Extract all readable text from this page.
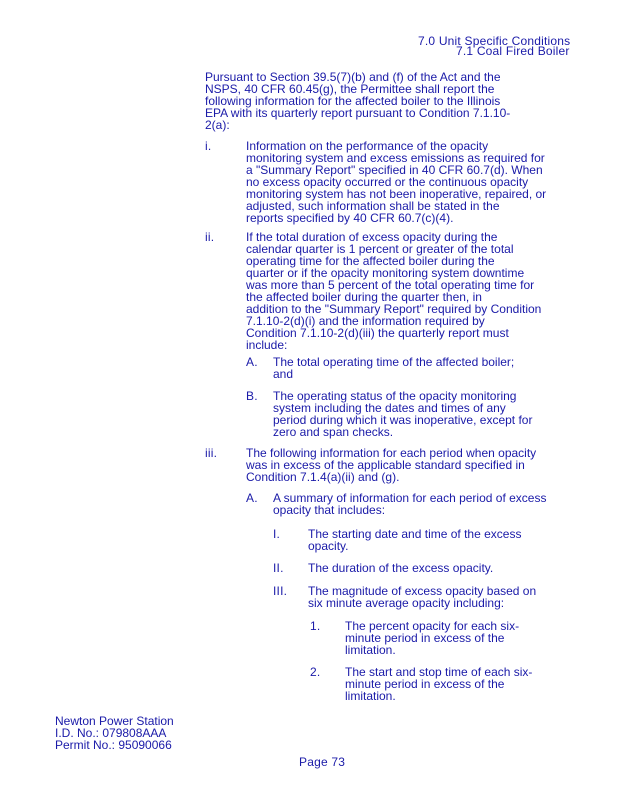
7.0 Unit Specific Conditions
7.1 Coal Fired Boiler
Pursuant to Section 39.5(7)(b) and (f) of the Act and the
NSPS, 40 CFR 60.45(g), the Permittee shall report the
following information for the affected boiler to the Illinois
EPA with its quarterly report pursuant to Condition 7.1.10-
2(a):
i.	Information on the performance of the opacity
monitoring system and excess emissions as required for
a "Summary Report" specified in 40 CFR 60.7(d). When
no excess opacity occurred or the continuous opacity
monitoring system has not been inoperative, repaired, or
adjusted, such information shall be stated in the
reports specified by 40 CFR 60.7(c)(4).
ii.	If the total duration of excess opacity during the
calendar quarter is 1 percent or greater of the total
operating time for the affected boiler during the
quarter or if the opacity monitoring system downtime
was more than 5 percent of the total operating time for
the affected boiler during the quarter then, in
addition to the "Summary Report" required by Condition
7.1.10-2(d)(i) and the information required by
Condition 7.1.10-2(d)(iii) the quarterly report must
include:
A. The total operating time of the affected boiler;
and
B. The operating status of the opacity monitoring
system including the dates and times of any
period during which it was inoperative, except for
zero and span checks.
iii. The following information for each period when opacity
was in excess of the applicable standard specified in
Condition 7.1.4(a)(ii) and (g).
A. A summary of information for each period of excess
opacity that includes:
I. The starting date and time of the excess
opacity.
II. The duration of the excess opacity.
III. The magnitude of excess opacity based on
six minute average opacity including:
1. The percent opacity for each six-
minute period in excess of the
limitation.
2. The start and stop time of each six-
minute period in excess of the
limitation.
Newton Power Station
I.D. No.: 079808AAA
Permit No.: 95090066
Page 73
